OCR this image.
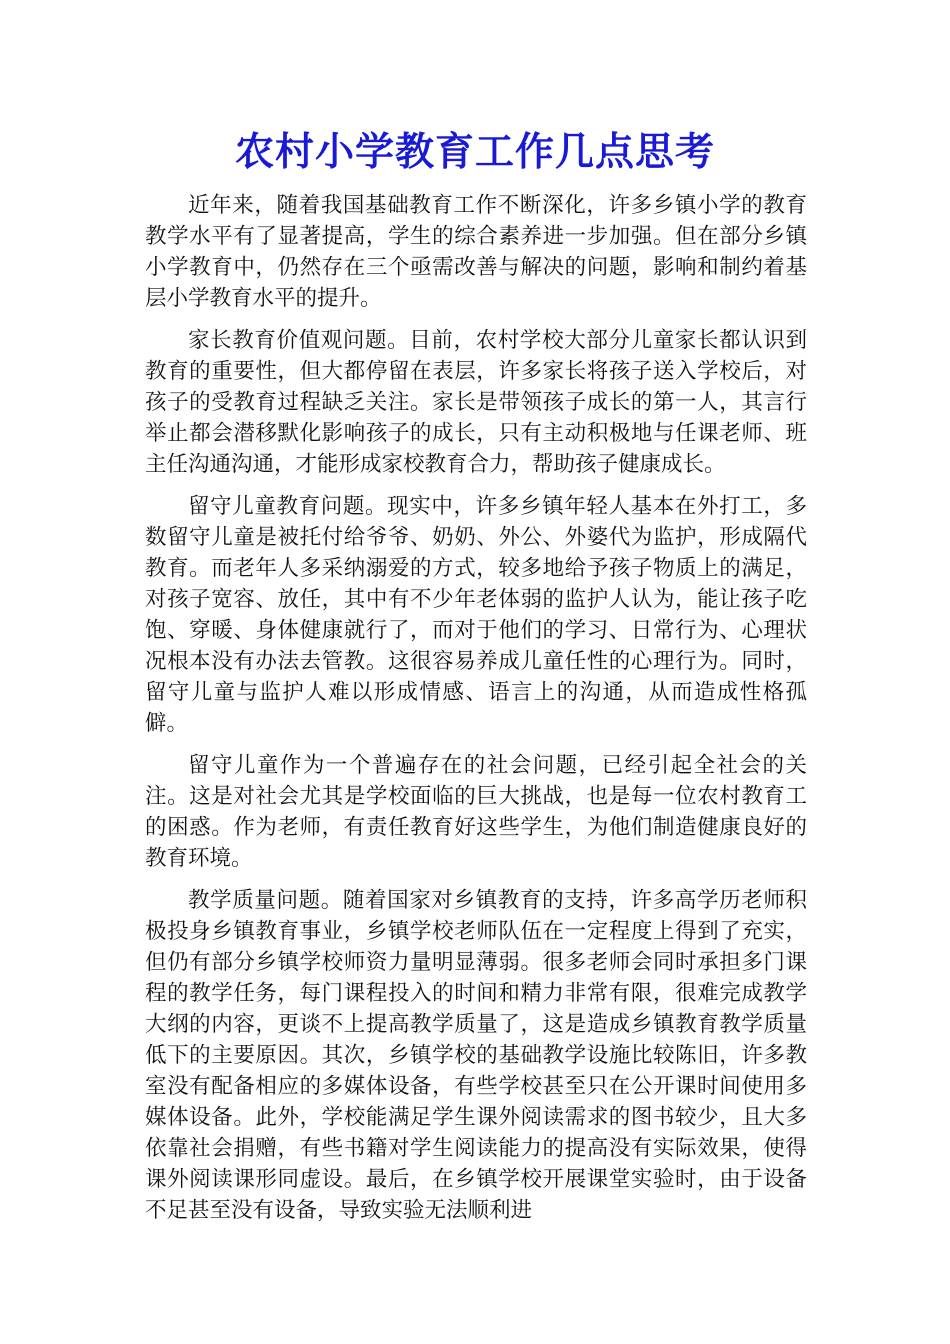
农村小学教育工作几点思考

近年来，随着我国基础教育工作不断深化，许多乡镇小学的教育教学水平有了显著提高，学生的综合素养进一步加强。但在部分乡镇小学教育中，仍然存在三个亟需改善与解决的问题，影响和制约着基层小学教育水平的提升。

家长教育价值观问题。目前，农村学校大部分儿童家长都认识到教育的重要性，但大都停留在表层，许多家长将孩子送入学校后，对孩子的受教育过程缺乏关注。家长是带领孩子成长的第一人，其言行举止都会潜移默化影响孩子的成长，只有主动积极地与任课老师、班主任沟通沟通，才能形成家校教育合力，帮助孩子健康成长。

留守儿童教育问题。现实中，许多乡镇年轻人基本在外打工，多数留守儿童是被托付给爷爷、奶奶、外公、外婆代为监护，形成隔代教育。而老年人多采纳溺爱的方式，较多地给予孩子物质上的满足，对孩子宽容、放任，其中有不少年老体弱的监护人认为，能让孩子吃饱、穿暖、身体健康就行了，而对于他们的学习、日常行为、心理状况根本没有办法去管教。这很容易养成儿童任性的心理行为。同时，留守儿童与监护人难以形成情感、语言上的沟通，从而造成性格孤僻。

留守儿童作为一个普遍存在的社会问题，已经引起全社会的关注。这是对社会尤其是学校面临的巨大挑战，也是每一位农村教育工的困惑。作为老师，有责任教育好这些学生，为他们制造健康良好的教育环境。

教学质量问题。随着国家对乡镇教育的支持，许多高学历老师积极投身乡镇教育事业，乡镇学校老师队伍在一定程度上得到了充实，但仍有部分乡镇学校师资力量明显薄弱。很多老师会同时承担多门课程的教学任务，每门课程投入的时间和精力非常有限，很难完成教学大纲的内容，更谈不上提高教学质量了，这是造成乡镇教育教学质量低下的主要原因。其次，乡镇学校的基础教学设施比较陈旧，许多教室没有配备相应的多媒体设备，有些学校甚至只在公开课时间使用多媒体设备。此外，学校能满足学生课外阅读需求的图书较少，且大多依靠社会捐赠，有些书籍对学生阅读能力的提高没有实际效果，使得课外阅读课形同虚设。最后，在乡镇学校开展课堂实验时，由于设备不足甚至没有设备，导致实验无法顺利进
